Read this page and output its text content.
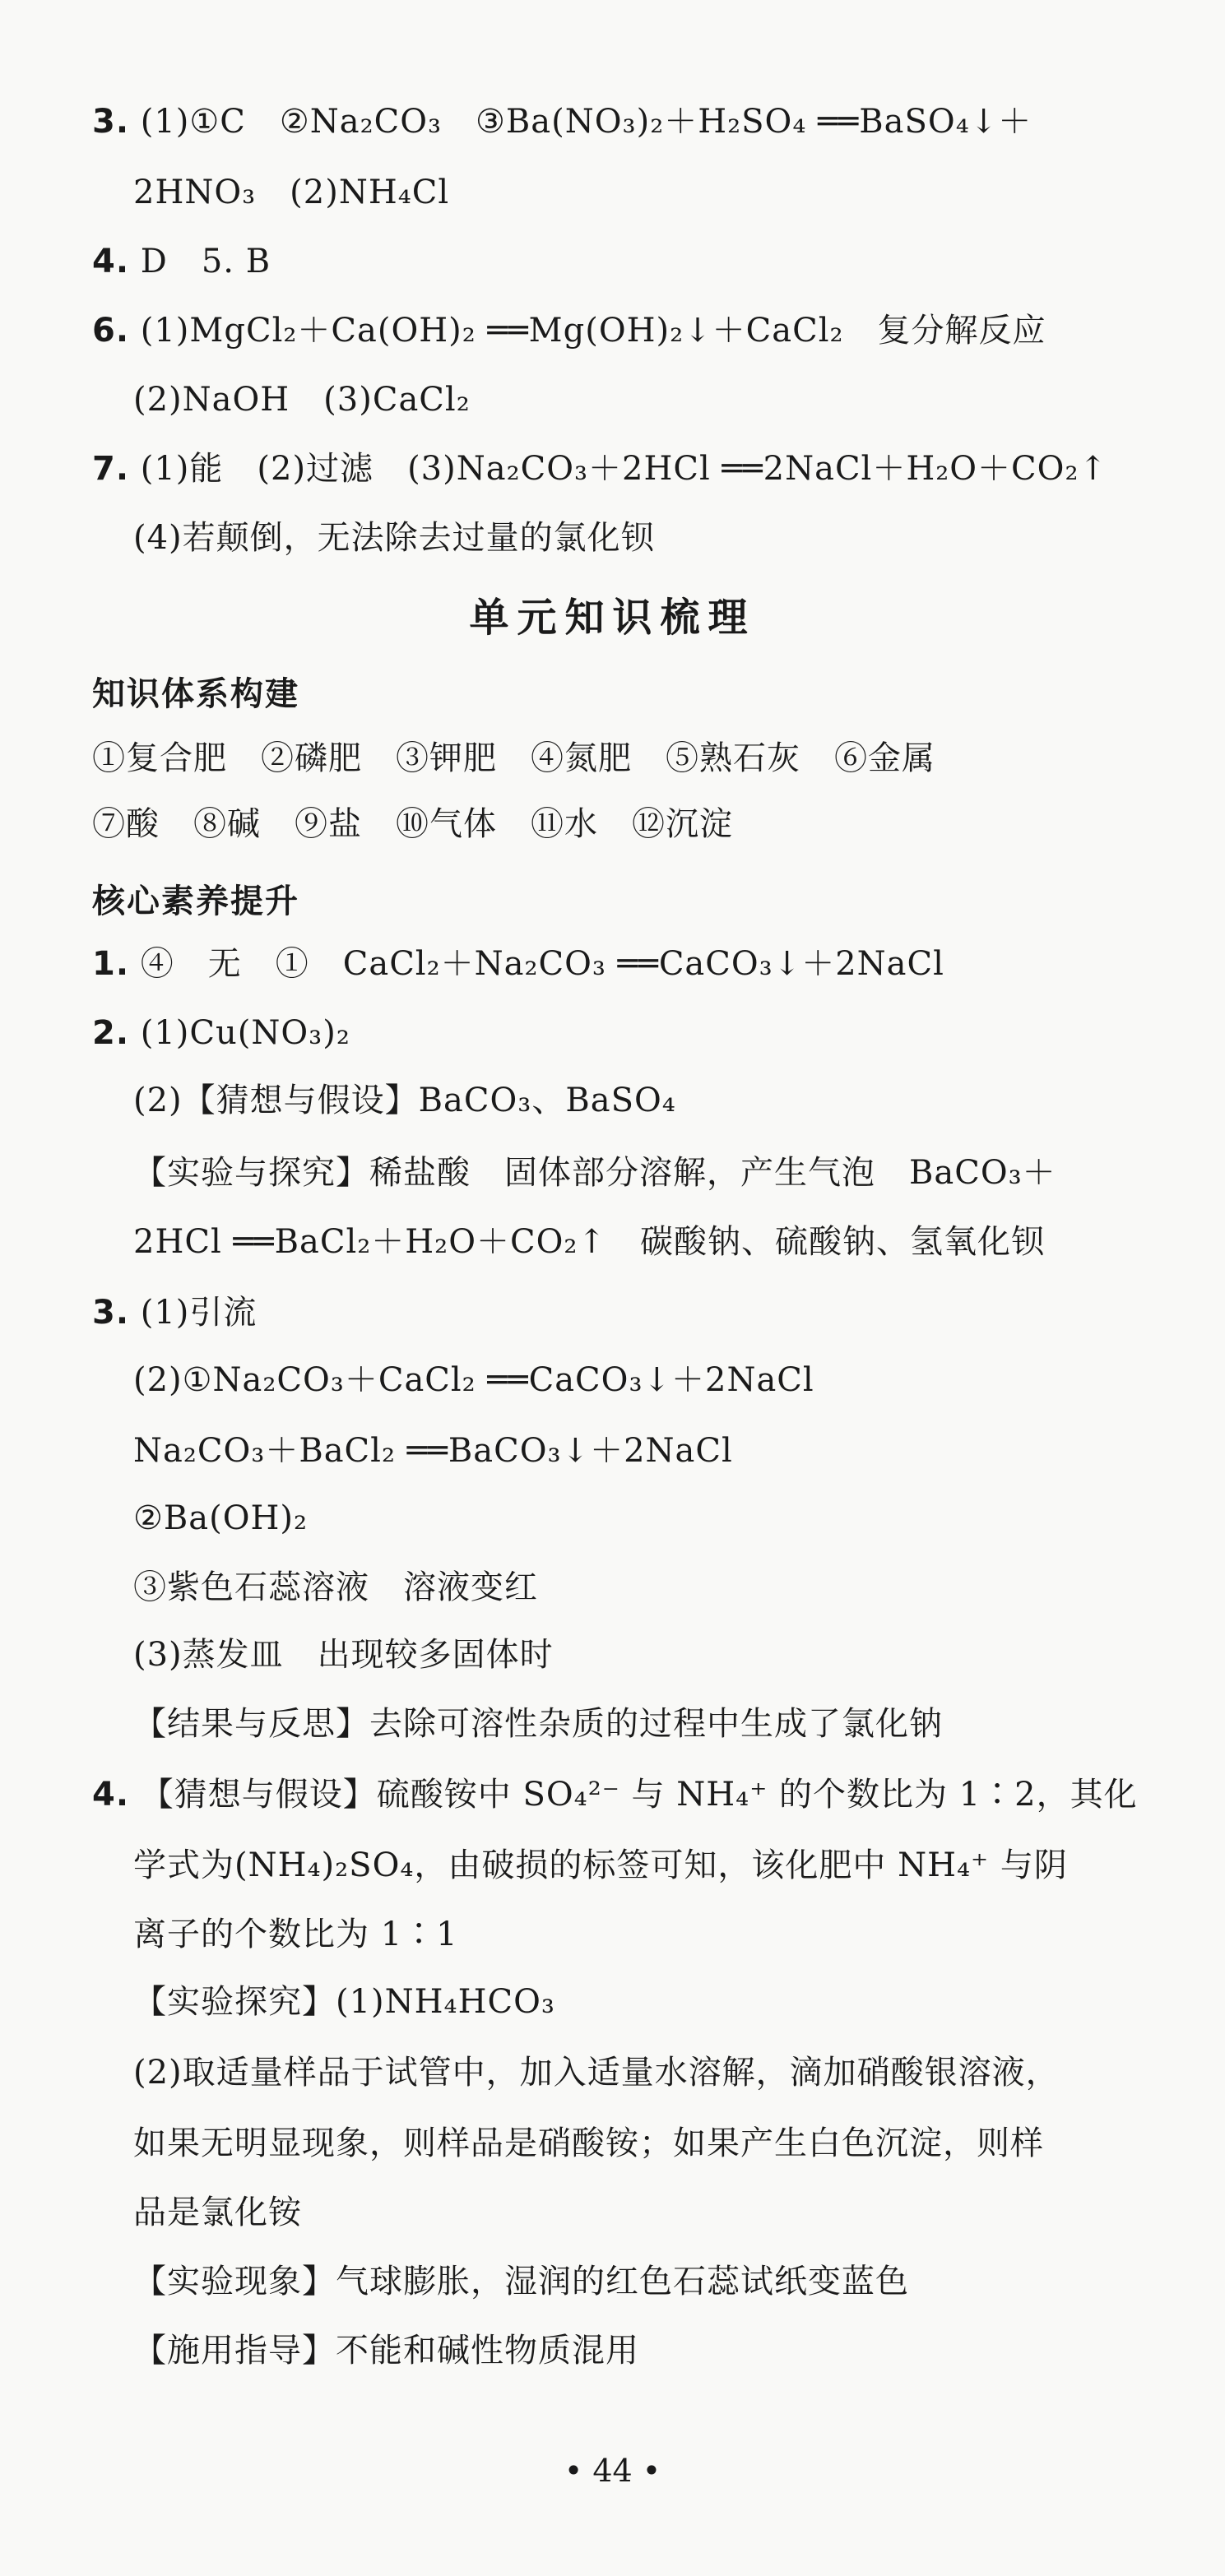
3. (1)①C　②Na₂CO₃　③Ba(NO₃)₂＋H₂SO₄ ══BaSO₄↓＋
2HNO₃　(2)NH₄Cl
4. D　5. B
6. (1)MgCl₂＋Ca(OH)₂ ══Mg(OH)₂↓＋CaCl₂　复分解反应
(2)NaOH　(3)CaCl₂
7. (1)能　(2)过滤　(3)Na₂CO₃＋2HCl ══2NaCl＋H₂O＋CO₂↑
(4)若颠倒，无法除去过量的氯化钡
单元知识梳理
知识体系构建
①复合肥　②磷肥　③钾肥　④氮肥　⑤熟石灰　⑥金属
⑦酸　⑧碱　⑨盐　⑩气体　⑪水　⑫沉淀
核心素养提升
1. ④　无　①　CaCl₂＋Na₂CO₃ ══CaCO₃↓＋2NaCl
2. (1)Cu(NO₃)₂
(2)【猜想与假设】BaCO₃、BaSO₄
【实验与探究】稀盐酸　固体部分溶解，产生气泡　BaCO₃＋
2HCl ══BaCl₂＋H₂O＋CO₂↑　碳酸钠、硫酸钠、氢氧化钡
3. (1)引流
(2)①Na₂CO₃＋CaCl₂ ══CaCO₃↓＋2NaCl
Na₂CO₃＋BaCl₂ ══BaCO₃↓＋2NaCl
②Ba(OH)₂
③紫色石蕊溶液　溶液变红
(3)蒸发皿　出现较多固体时
【结果与反思】去除可溶性杂质的过程中生成了氯化钠
4. 【猜想与假设】硫酸铵中 SO₄²⁻ 与 NH₄⁺ 的个数比为 1∶2，其化
学式为(NH₄)₂SO₄，由破损的标签可知，该化肥中 NH₄⁺ 与阴
离子的个数比为 1∶1
【实验探究】(1)NH₄HCO₃
(2)取适量样品于试管中，加入适量水溶解，滴加硝酸银溶液，
如果无明显现象，则样品是硝酸铵；如果产生白色沉淀，则样
品是氯化铵
【实验现象】气球膨胀，湿润的红色石蕊试纸变蓝色
【施用指导】不能和碱性物质混用
• 44 •
